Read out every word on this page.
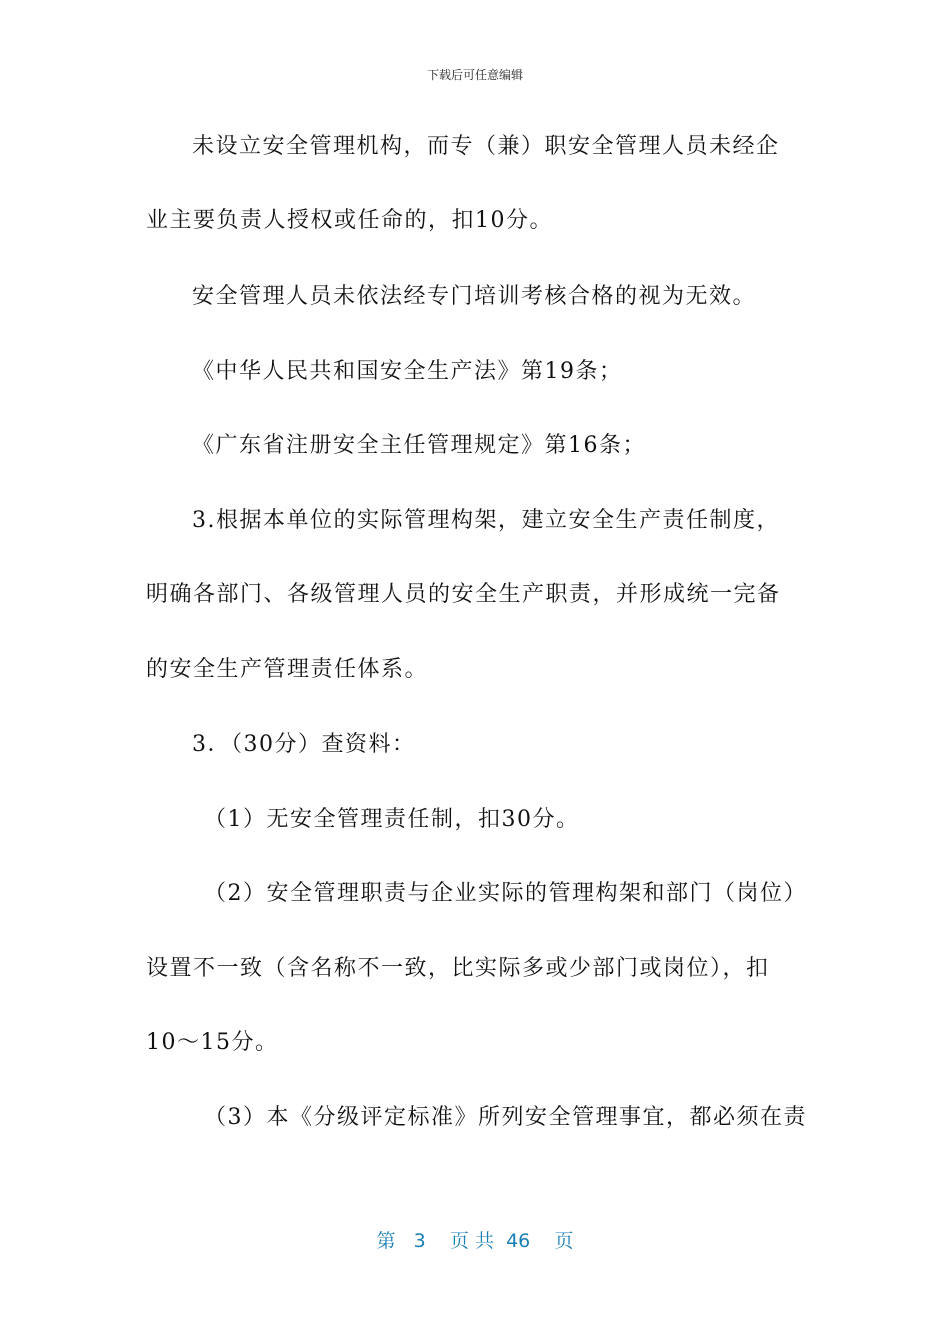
下载后可任意编辑
未设立安全管理机构，而专（兼）职安全管理人员未经企
业主要负责人授权或任命的，扣10分。
安全管理人员未依法经专门培训考核合格的视为无效。
《中华人民共和国安全生产法》第19条；
《广东省注册安全主任管理规定》第16条；
3.根据本单位的实际管理构架，建立安全生产责任制度，
明确各部门、各级管理人员的安全生产职责，并形成统一完备
的安全生产管理责任体系。
3．（30分）查资料：
（1）无安全管理责任制，扣30分。
（2）安全管理职责与企业实际的管理构架和部门（岗位）
设置不一致（含名称不一致，比实际多或少部门或岗位），扣
10～15分。
（3）本《分级评定标准》所列安全管理事宜，都必须在责
第 3 页 共 46 页
